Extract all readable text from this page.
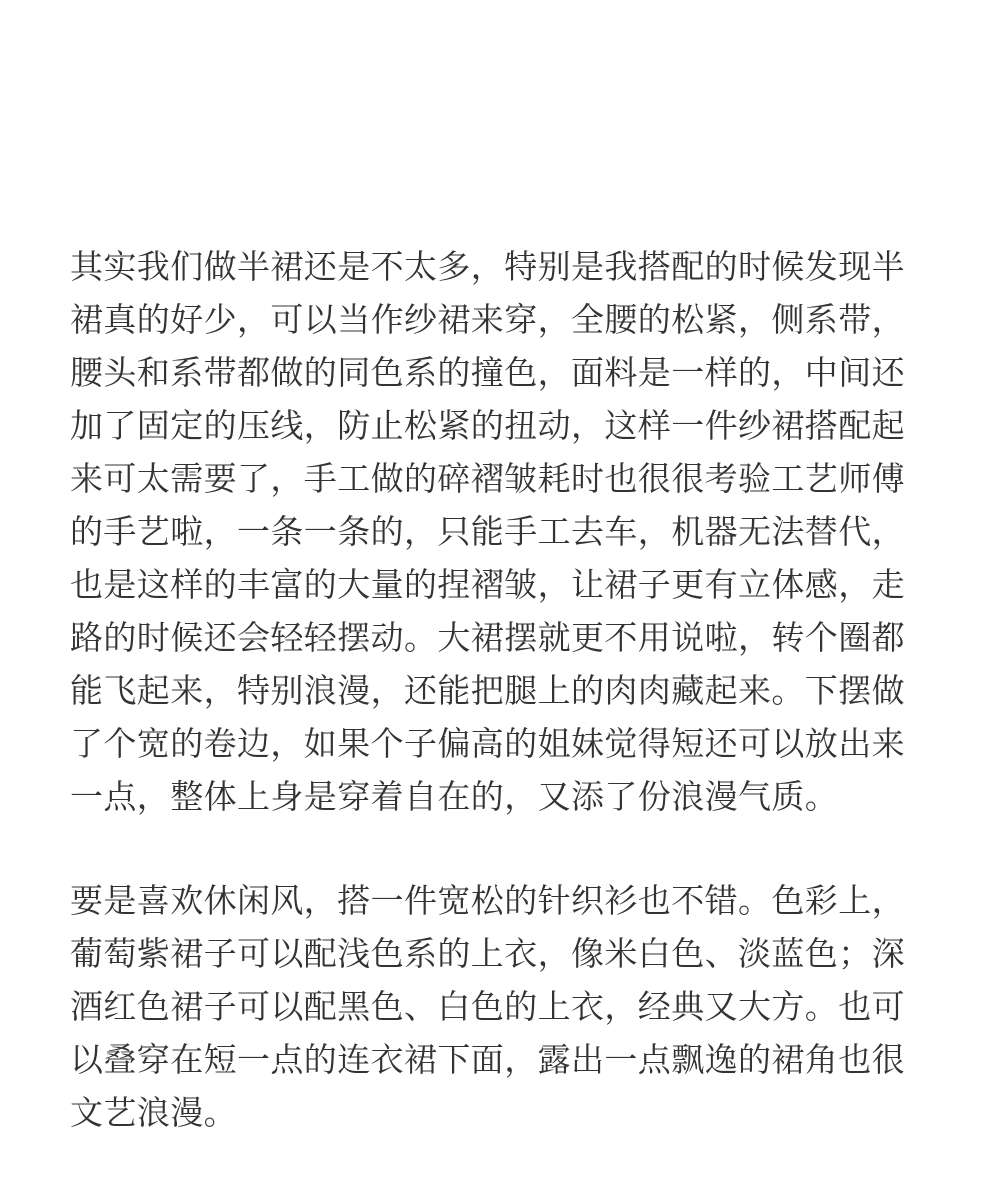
其实我们做半裙还是不太多，特别是我搭配的时候发现半
裙真的好少，可以当作纱裙来穿，全腰的松紧，侧系带，
腰头和系带都做的同色系的撞色，面料是一样的，中间还
加了固定的压线，防止松紧的扭动，这样一件纱裙搭配起
来可太需要了，手工做的碎褶皱耗时也很很考验工艺师傅
的手艺啦，一条一条的，只能手工去车，机器无法替代，
也是这样的丰富的大量的捏褶皱，让裙子更有立体感，走
路的时候还会轻轻摆动。大裙摆就更不用说啦，转个圈都
能飞起来，特别浪漫，还能把腿上的肉肉藏起来。下摆做
了个宽的卷边，如果个子偏高的姐妹觉得短还可以放出来
一点，整体上身是穿着自在的，又添了份浪漫气质。
要是喜欢休闲风，搭一件宽松的针织衫也不错。色彩上，
葡萄紫裙子可以配浅色系的上衣，像米白色、淡蓝色；深
酒红色裙子可以配黑色、白色的上衣，经典又大方。也可
以叠穿在短一点的连衣裙下面，露出一点飘逸的裙角也很
文艺浪漫。
